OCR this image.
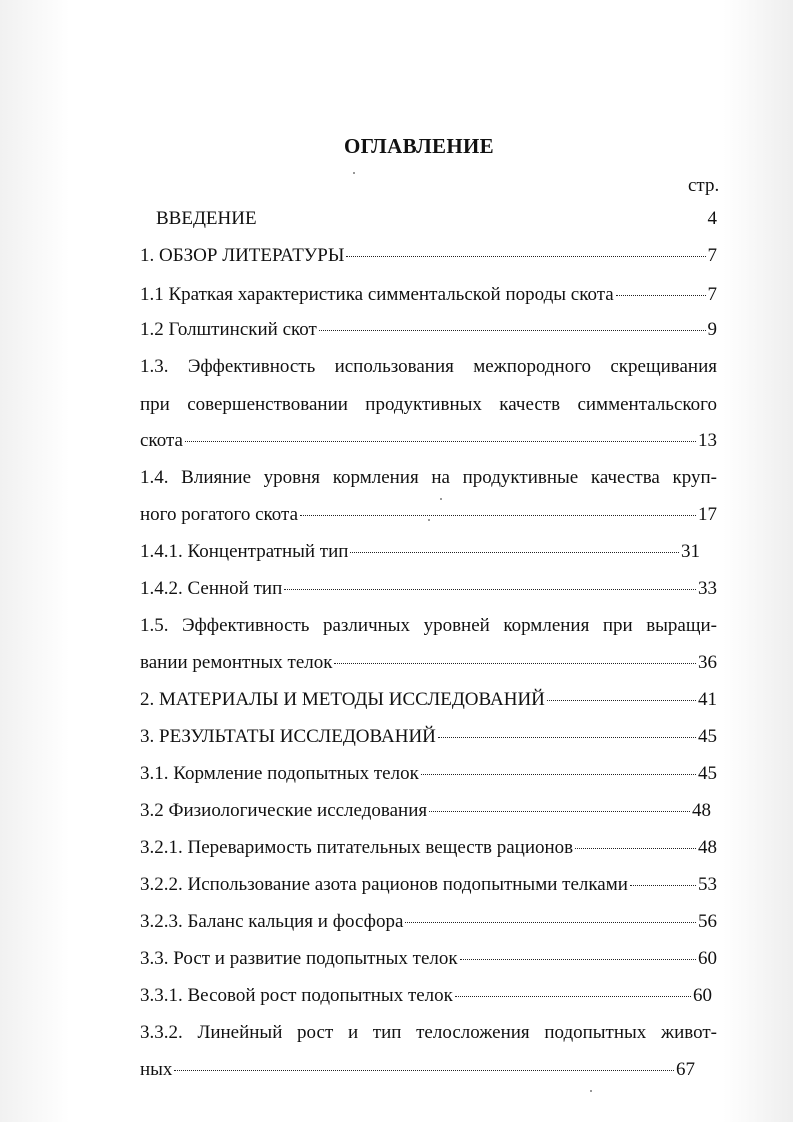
ОГЛАВЛЕНИЕ
стр.
ВВЕДЕНИЕ	4
1. ОБЗОР ЛИТЕРАТУРЫ	7
1.1 Краткая характеристика симментальской породы скота	7
1.2 Голштинский скот	9
1.3. Эффективность использования межпородного скрещивания
при совершенствовании продуктивных качеств симментальского
скота	13
1.4. Влияние уровня кормления на продуктивные качества круп-
ного рогатого скота	17
1.4.1. Концентратный тип	31
1.4.2. Сенной тип	33
1.5. Эффективность различных уровней кормления при выращи-
вании ремонтных телок	36
2. МАТЕРИАЛЫ И МЕТОДЫ ИССЛЕДОВАНИЙ	41
3. РЕЗУЛЬТАТЫ ИССЛЕДОВАНИЙ	45
3.1. Кормление подопытных телок	45
3.2 Физиологические исследования	48
3.2.1. Переваримость питательных веществ рационов	48
3.2.2. Использование азота рационов подопытными телками	53
3.2.3. Баланс кальция и фосфора	56
3.3. Рост и развитие подопытных телок	60
3.3.1. Весовой рост подопытных телок	60
3.3.2. Линейный рост и тип телосложения подопытных живот-
ных	67
